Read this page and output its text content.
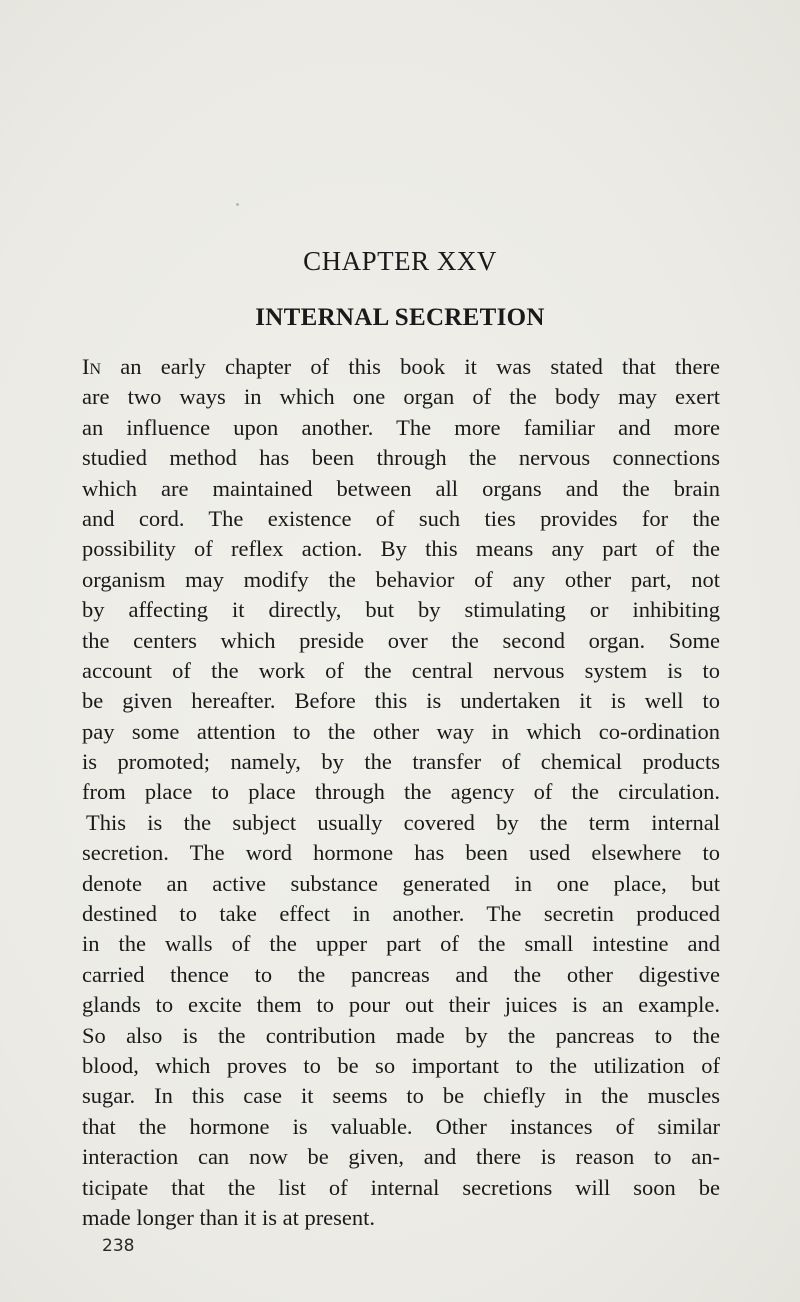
CHAPTER XXV
INTERNAL SECRETION
In an early chapter of this book it was stated that there
are two ways in which one organ of the body may exert
an influence upon another. The more familiar and more
studied method has been through the nervous connections
which are maintained between all organs and the brain
and cord. The existence of such ties provides for the
possibility of reflex action. By this means any part of the
organism may modify the behavior of any other part, not
by affecting it directly, but by stimulating or inhibiting
the centers which preside over the second organ. Some
account of the work of the central nervous system is to
be given hereafter. Before this is undertaken it is well to
pay some attention to the other way in which co-ordination
is promoted; namely, by the transfer of chemical products
from place to place through the agency of the circulation.
This is the subject usually covered by the term internal
secretion. The word hormone has been used elsewhere to
denote an active substance generated in one place, but
destined to take effect in another. The secretin produced
in the walls of the upper part of the small intestine and
carried thence to the pancreas and the other digestive
glands to excite them to pour out their juices is an example.
So also is the contribution made by the pancreas to the
blood, which proves to be so important to the utilization of
sugar. In this case it seems to be chiefly in the muscles
that the hormone is valuable. Other instances of similar
interaction can now be given, and there is reason to an-
ticipate that the list of internal secretions will soon be
made longer than it is at present.
238
